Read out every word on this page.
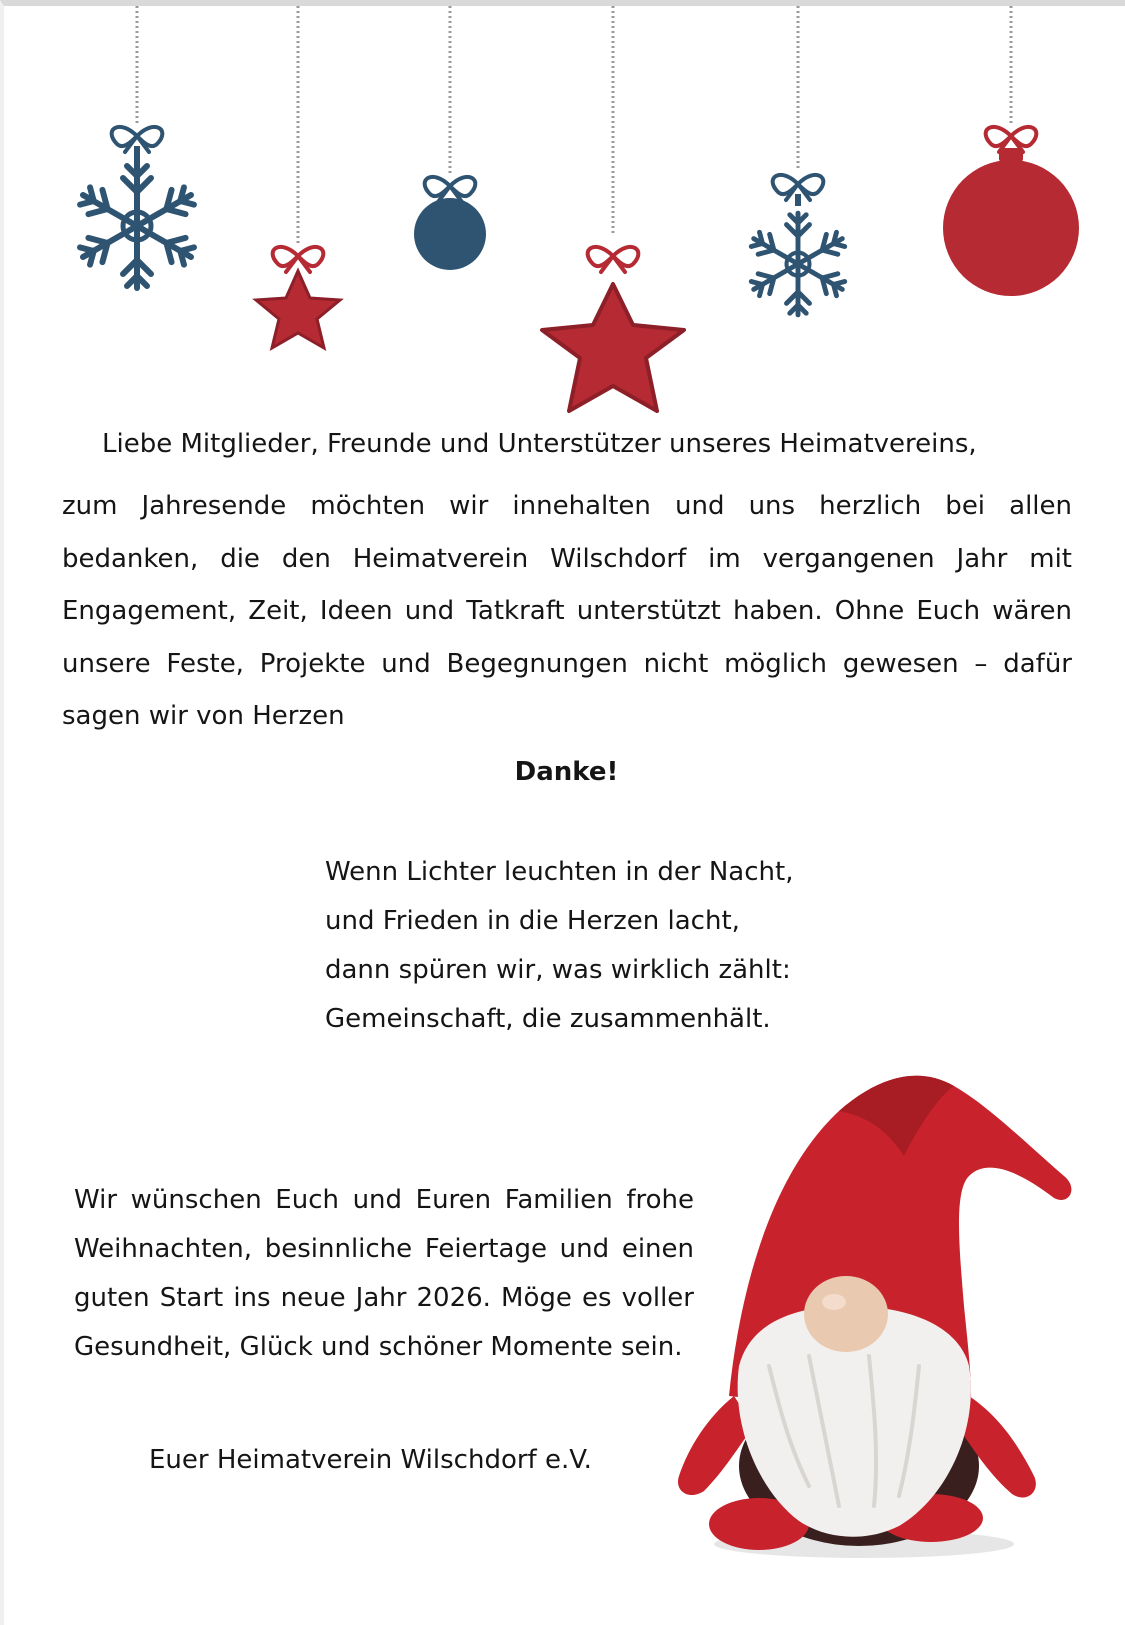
Liebe Mitglieder, Freunde und Unterstützer unseres Heimatvereins,

zum Jahresende möchten wir innehalten und uns herzlich bei allen bedanken, die den Heimatverein Wilschdorf im vergangenen Jahr mit Engagement, Zeit, Ideen und Tatkraft unterstützt haben. Ohne Euch wären unsere Feste, Projekte und Begegnungen nicht möglich gewesen – dafür sagen wir von Herzen

Danke!
Wenn Lichter leuchten in der Nacht,
und Frieden in die Herzen lacht,
dann spüren wir, was wirklich zählt:
Gemeinschaft, die zusammenhält.

Wir wünschen Euch und Euren Familien frohe Weihnachten, besinnliche Feiertage und einen guten Start ins neue Jahr 2026. Möge es voller Gesundheit, Glück und schöner Momente sein.

Euer Heimatverein Wilschdorf e.V.
